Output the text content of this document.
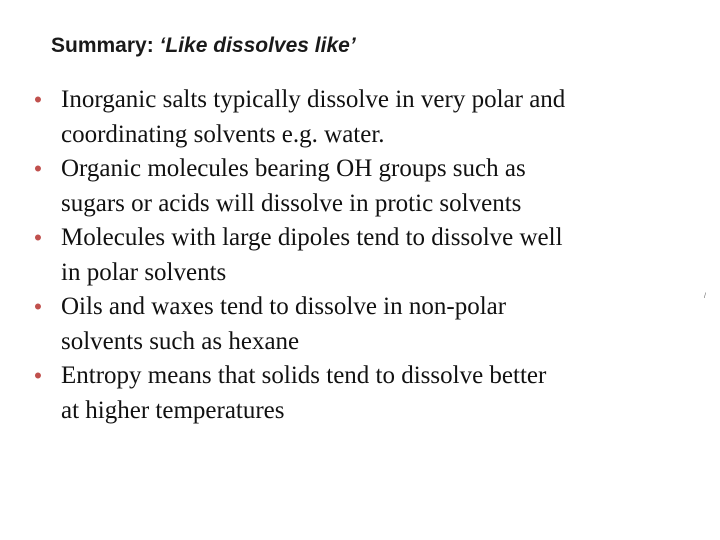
Summary: ‘Like dissolves like’
• Inorganic salts typically dissolve in very polar and coordinating solvents e.g. water.
• Organic molecules bearing OH groups such as sugars or acids will dissolve in protic solvents
• Molecules with large dipoles tend to dissolve well in polar solvents
• Oils and waxes tend to dissolve in non-polar solvents such as hexane
• Entropy means that solids tend to dissolve better at higher temperatures
/
